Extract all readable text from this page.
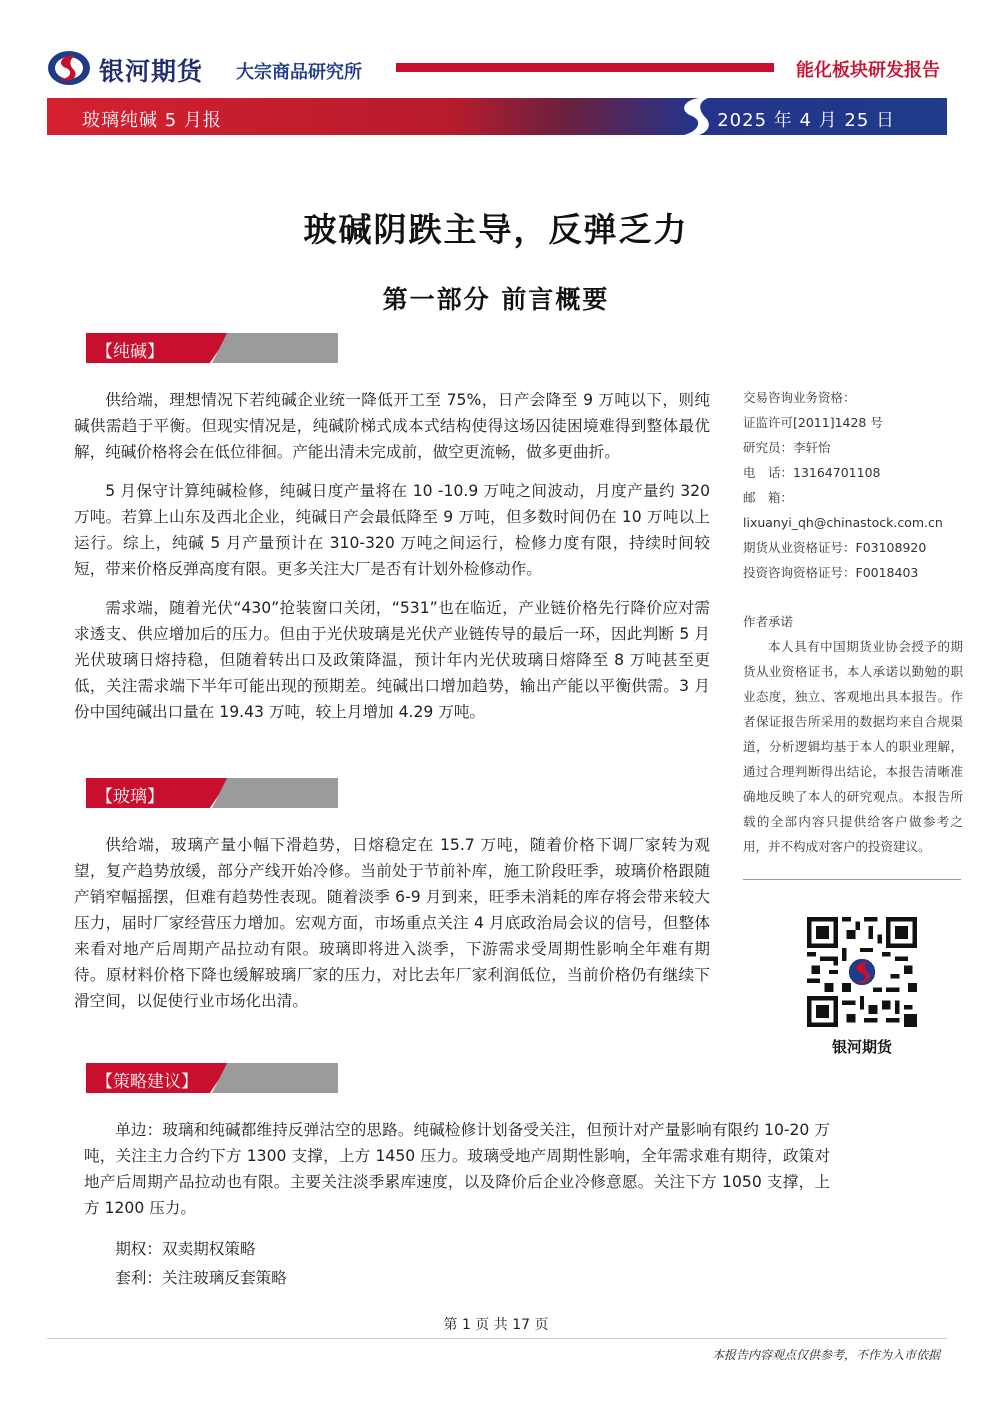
银河期货 大宗商品研究所	能化板块研发报告
玻璃纯碱 5 月报	2025 年 4 月 25 日
玻碱阴跌主导，反弹乏力
第一部分 前言概要
【纯碱】

供给端，理想情况下若纯碱企业统一降低开工至 75%，日产会降至 9 万吨以下，则纯碱供需趋于平衡。但现实情况是，纯碱阶梯式成本式结构使得这场囚徒困境难得到整体最优解，纯碱价格将会在低位徘徊。产能出清未完成前，做空更流畅，做多更曲折。

5 月保守计算纯碱检修，纯碱日度产量将在 10 -10.9 万吨之间波动，月度产量约 320 万吨。若算上山东及西北企业，纯碱日产会最低降至 9 万吨，但多数时间仍在 10 万吨以上运行。综上，纯碱 5 月产量预计在 310-320 万吨之间运行，检修力度有限，持续时间较短，带来价格反弹高度有限。更多关注大厂是否有计划外检修动作。

需求端，随着光伏“430”抢装窗口关闭，“531”也在临近，产业链价格先行降价应对需求透支、供应增加后的压力。但由于光伏玻璃是光伏产业链传导的最后一环，因此判断 5 月光伏玻璃日熔持稳，但随着转出口及政策降温，预计年内光伏玻璃日熔降至 8 万吨甚至更低，关注需求端下半年可能出现的预期差。纯碱出口增加趋势，输出产能以平衡供需。3 月份中国纯碱出口量在 19.43 万吨，较上月增加 4.29 万吨。

【玻璃】

供给端，玻璃产量小幅下滑趋势，日熔稳定在 15.7 万吨，随着价格下调厂家转为观望，复产趋势放缓，部分产线开始冷修。当前处于节前补库，施工阶段旺季，玻璃价格跟随产销窄幅摇摆，但难有趋势性表现。随着淡季 6-9 月到来，旺季未消耗的库存将会带来较大压力，届时厂家经营压力增加。宏观方面，市场重点关注 4 月底政治局会议的信号，但整体来看对地产后周期产品拉动有限。玻璃即将进入淡季，下游需求受周期性影响全年难有期待。原材料价格下降也缓解玻璃厂家的压力，对比去年厂家利润低位，当前价格仍有继续下滑空间，以促使行业市场化出清。

【策略建议】

单边：玻璃和纯碱都维持反弹沽空的思路。纯碱检修计划备受关注，但预计对产量影响有限约 10-20 万吨，关注主力合约下方 1300 支撑，上方 1450 压力。玻璃受地产周期性影响，全年需求难有期待，政策对地产后周期产品拉动也有限。主要关注淡季累库速度，以及降价后企业冷修意愿。关注下方 1050 支撑，上方 1200 压力。

期权：双卖期权策略

套利：关注玻璃反套策略

交易咨询业务资格：
证监许可[2011]1428 号
研究员：李轩怡
电　话：13164701108
邮　箱：
lixuanyi_qh@chinastock.com.cn
期货从业资格证号：F03108920
投资咨询资格证号：F0018403
作者承诺
本人具有中国期货业协会授予的期货从业资格证书，本人承诺以勤勉的职业态度，独立、客观地出具本报告。作者保证报告所采用的数据均来自合规渠道，分析逻辑均基于本人的职业理解，通过合理判断得出结论，本报告清晰准确地反映了本人的研究观点。本报告所载的全部内容只提供给客户做参考之用，并不构成对客户的投资建议。
银河期货
第 1 页 共 17 页
本报告内容观点仅供参考，不作为入市依据
